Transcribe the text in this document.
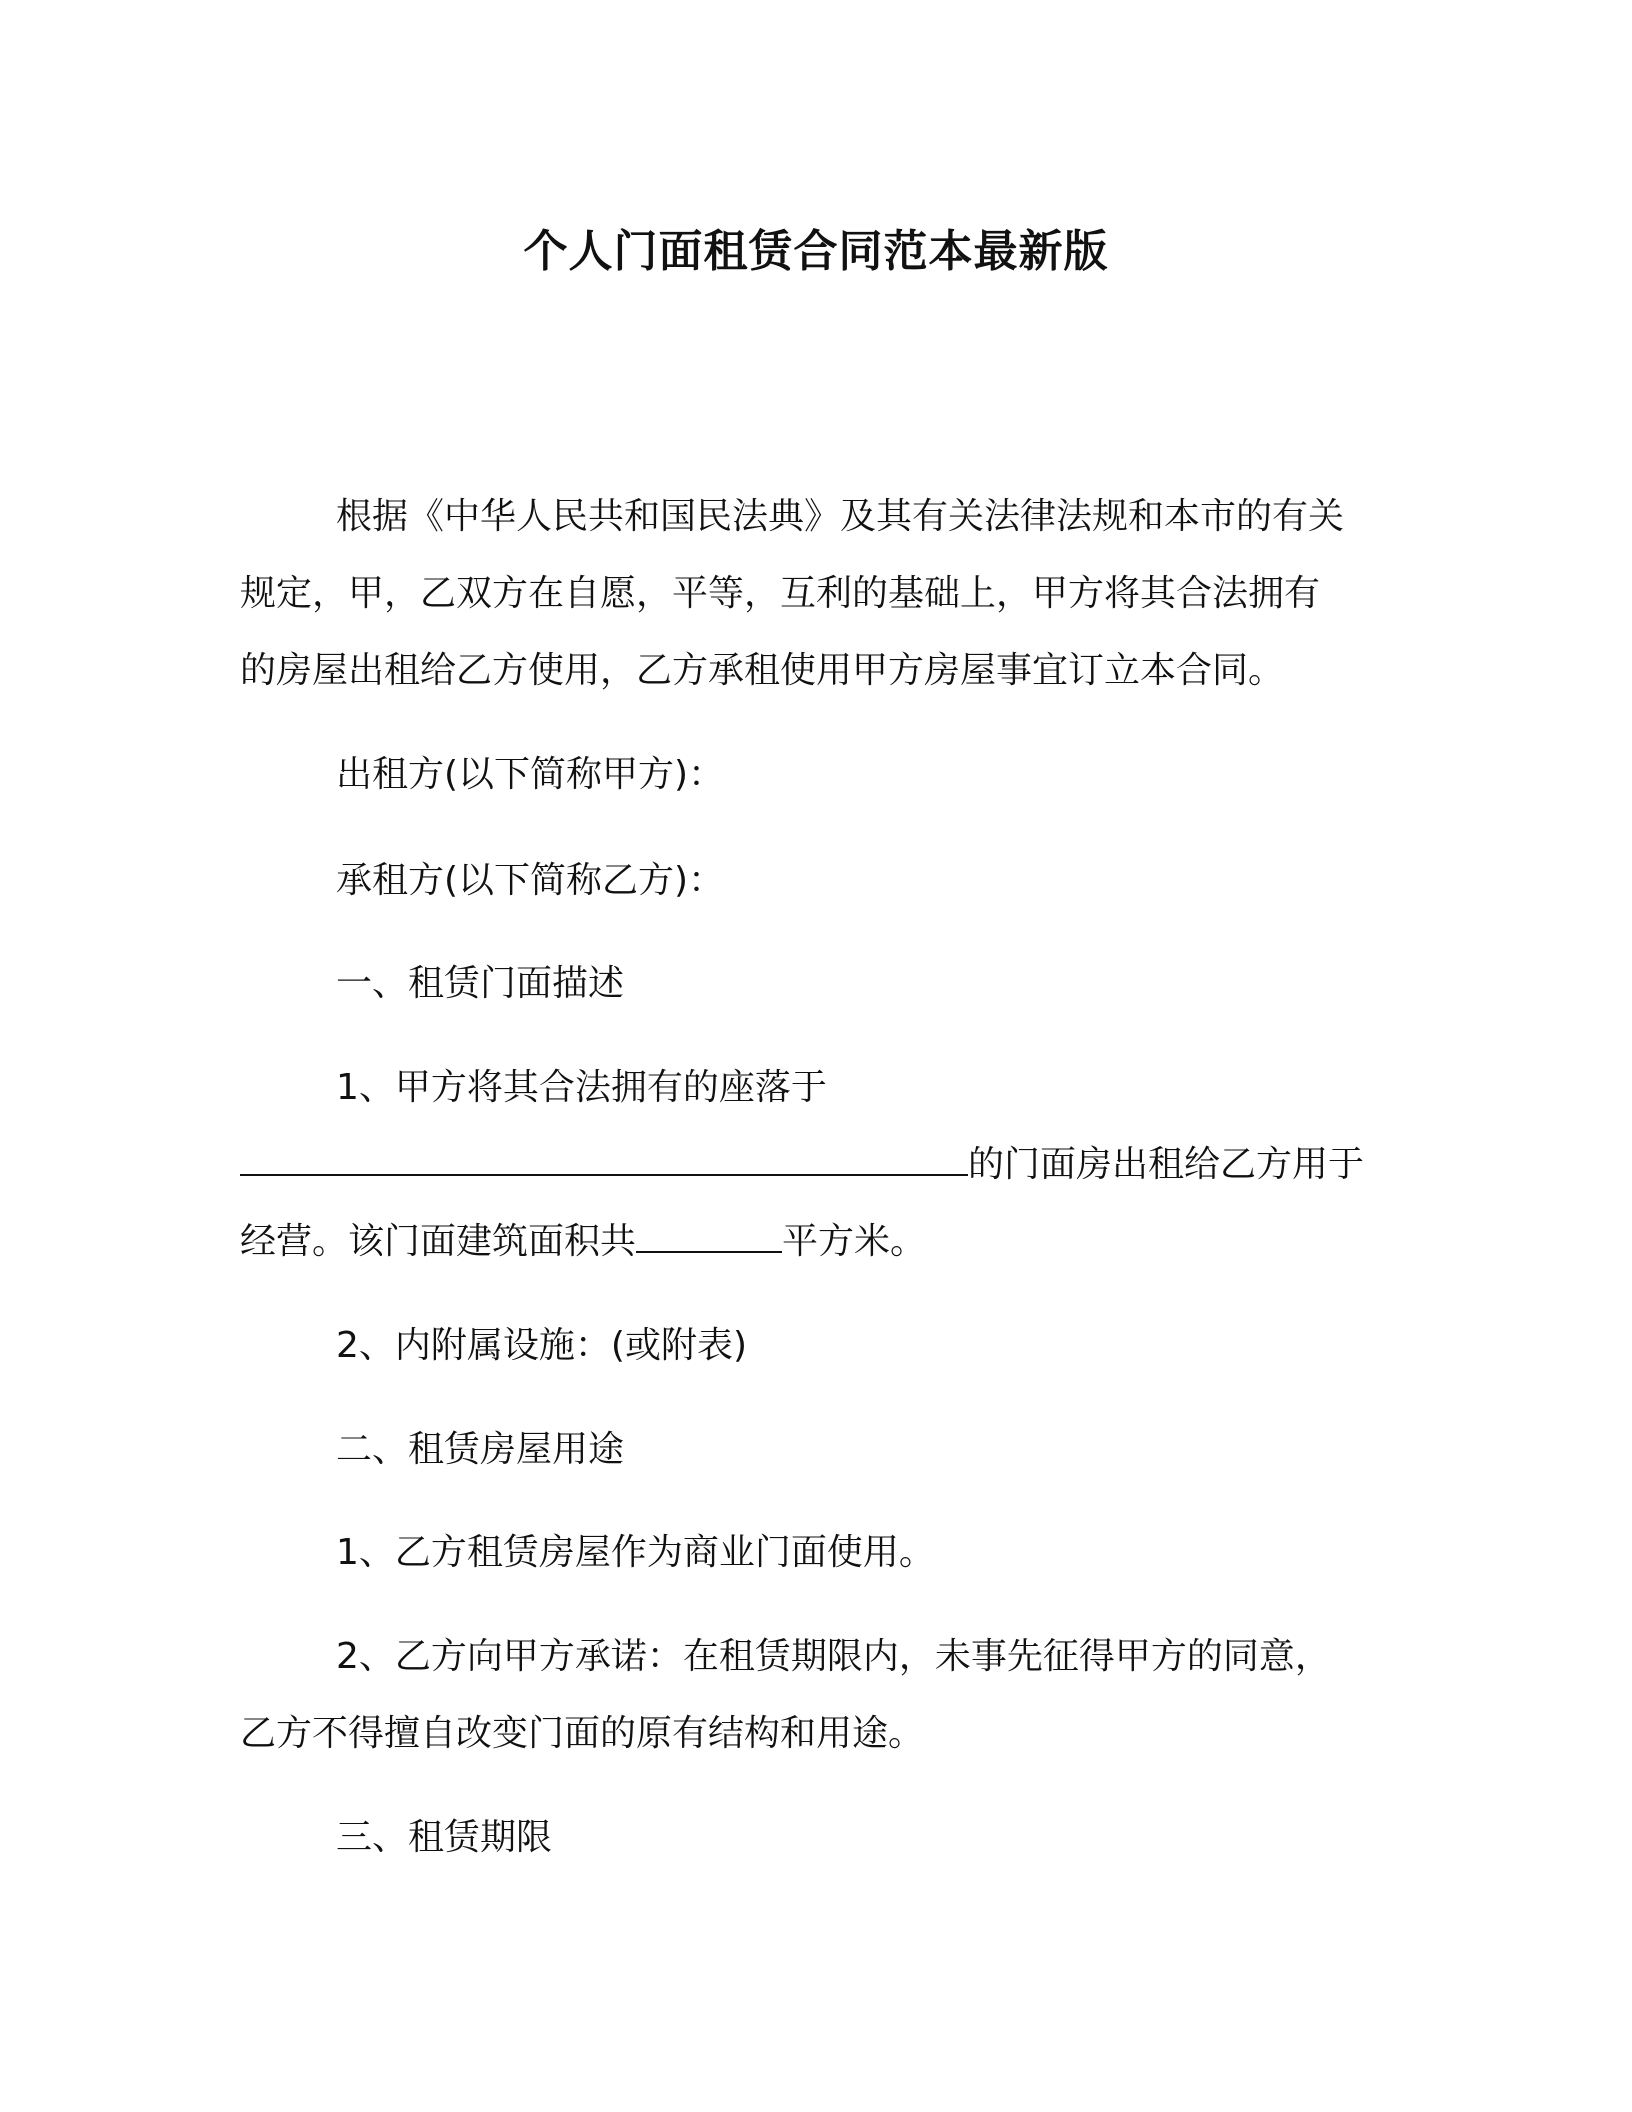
个人门面租赁合同范本最新版

根据《中华人民共和国民法典》及其有关法律法规和本市的有关

规定，甲，乙双方在自愿，平等，互利的基础上，甲方将其合法拥有

的房屋出租给乙方使用，乙方承租使用甲方房屋事宜订立本合同。

出租方(以下简称甲方)：

承租方(以下简称乙方)：

一、租赁门面描述

1、甲方将其合法拥有的座落于

的门面房出租给乙方用于

经营。该门面建筑面积共	平方米。

2、内附属设施：(或附表)

二、租赁房屋用途

1、乙方租赁房屋作为商业门面使用。

2、乙方向甲方承诺：在租赁期限内，未事先征得甲方的同意，

乙方不得擅自改变门面的原有结构和用途。

三、租赁期限
